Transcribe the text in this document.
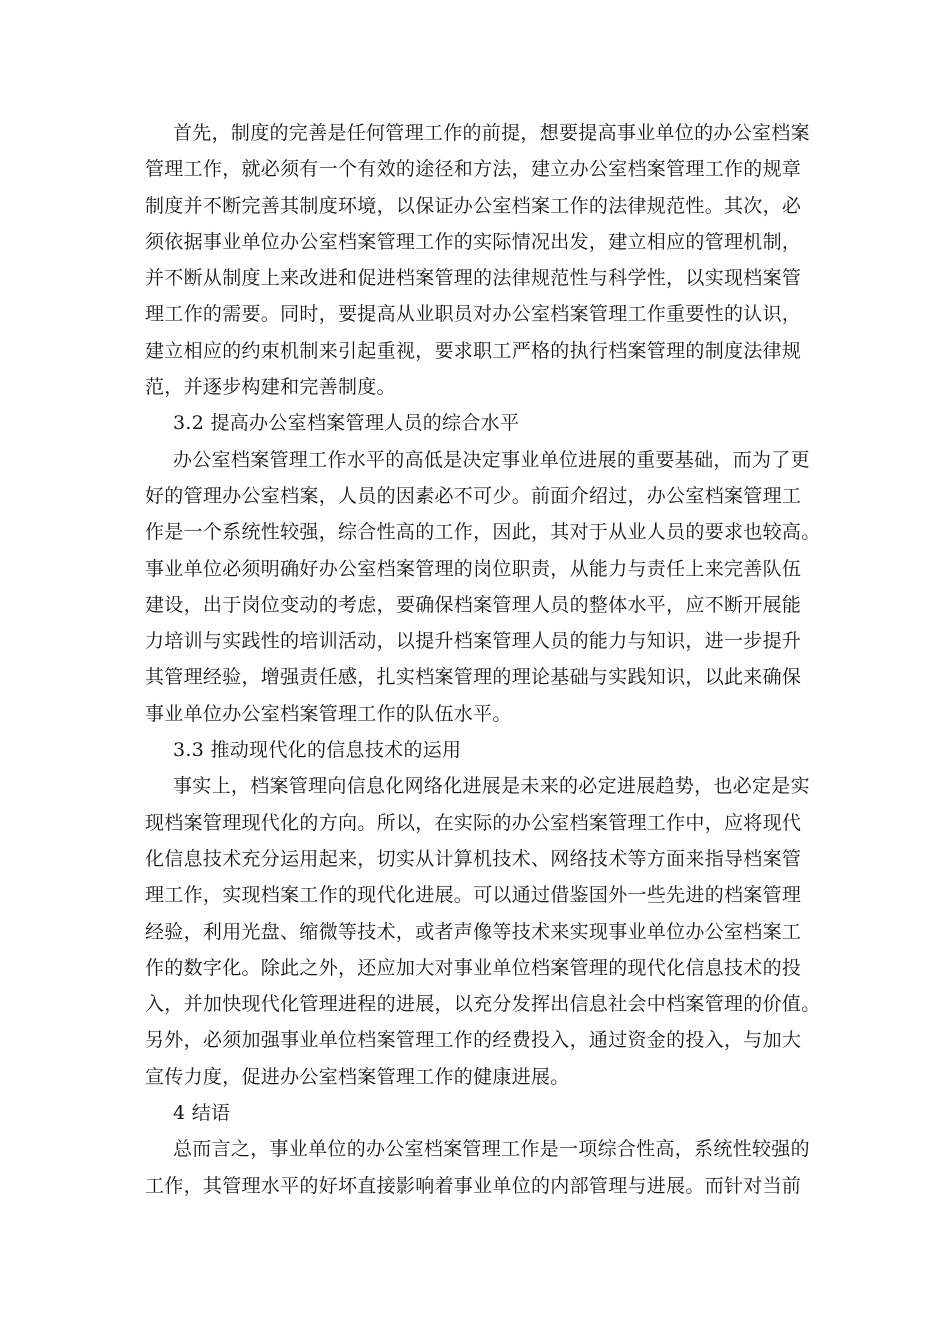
首先，制度的完善是任何管理工作的前提，想要提高事业单位的办公室档案
管理工作，就必须有一个有效的途径和方法，建立办公室档案管理工作的规章
制度并不断完善其制度环境，以保证办公室档案工作的法律规范性。其次，必
须依据事业单位办公室档案管理工作的实际情况出发，建立相应的管理机制，
并不断从制度上来改进和促进档案管理的法律规范性与科学性，以实现档案管
理工作的需要。同时，要提高从业职员对办公室档案管理工作重要性的认识，
建立相应的约束机制来引起重视，要求职工严格的执行档案管理的制度法律规
范，并逐步构建和完善制度。
3.2 提高办公室档案管理人员的综合水平
办公室档案管理工作水平的高低是决定事业单位进展的重要基础，而为了更
好的管理办公室档案，人员的因素必不可少。前面介绍过，办公室档案管理工
作是一个系统性较强，综合性高的工作，因此，其对于从业人员的要求也较高。
事业单位必须明确好办公室档案管理的岗位职责，从能力与责任上来完善队伍
建设，出于岗位变动的考虑，要确保档案管理人员的整体水平，应不断开展能
力培训与实践性的培训活动，以提升档案管理人员的能力与知识，进一步提升
其管理经验，增强责任感，扎实档案管理的理论基础与实践知识，以此来确保
事业单位办公室档案管理工作的队伍水平。
3.3 推动现代化的信息技术的运用
事实上，档案管理向信息化网络化进展是未来的必定进展趋势，也必定是实
现档案管理现代化的方向。所以，在实际的办公室档案管理工作中，应将现代
化信息技术充分运用起来，切实从计算机技术、网络技术等方面来指导档案管
理工作，实现档案工作的现代化进展。可以通过借鉴国外一些先进的档案管理
经验，利用光盘、缩微等技术，或者声像等技术来实现事业单位办公室档案工
作的数字化。除此之外，还应加大对事业单位档案管理的现代化信息技术的投
入，并加快现代化管理进程的进展，以充分发挥出信息社会中档案管理的价值。
另外，必须加强事业单位档案管理工作的经费投入，通过资金的投入，与加大
宣传力度，促进办公室档案管理工作的健康进展。
4 结语
总而言之，事业单位的办公室档案管理工作是一项综合性高，系统性较强的
工作，其管理水平的好坏直接影响着事业单位的内部管理与进展。而针对当前
